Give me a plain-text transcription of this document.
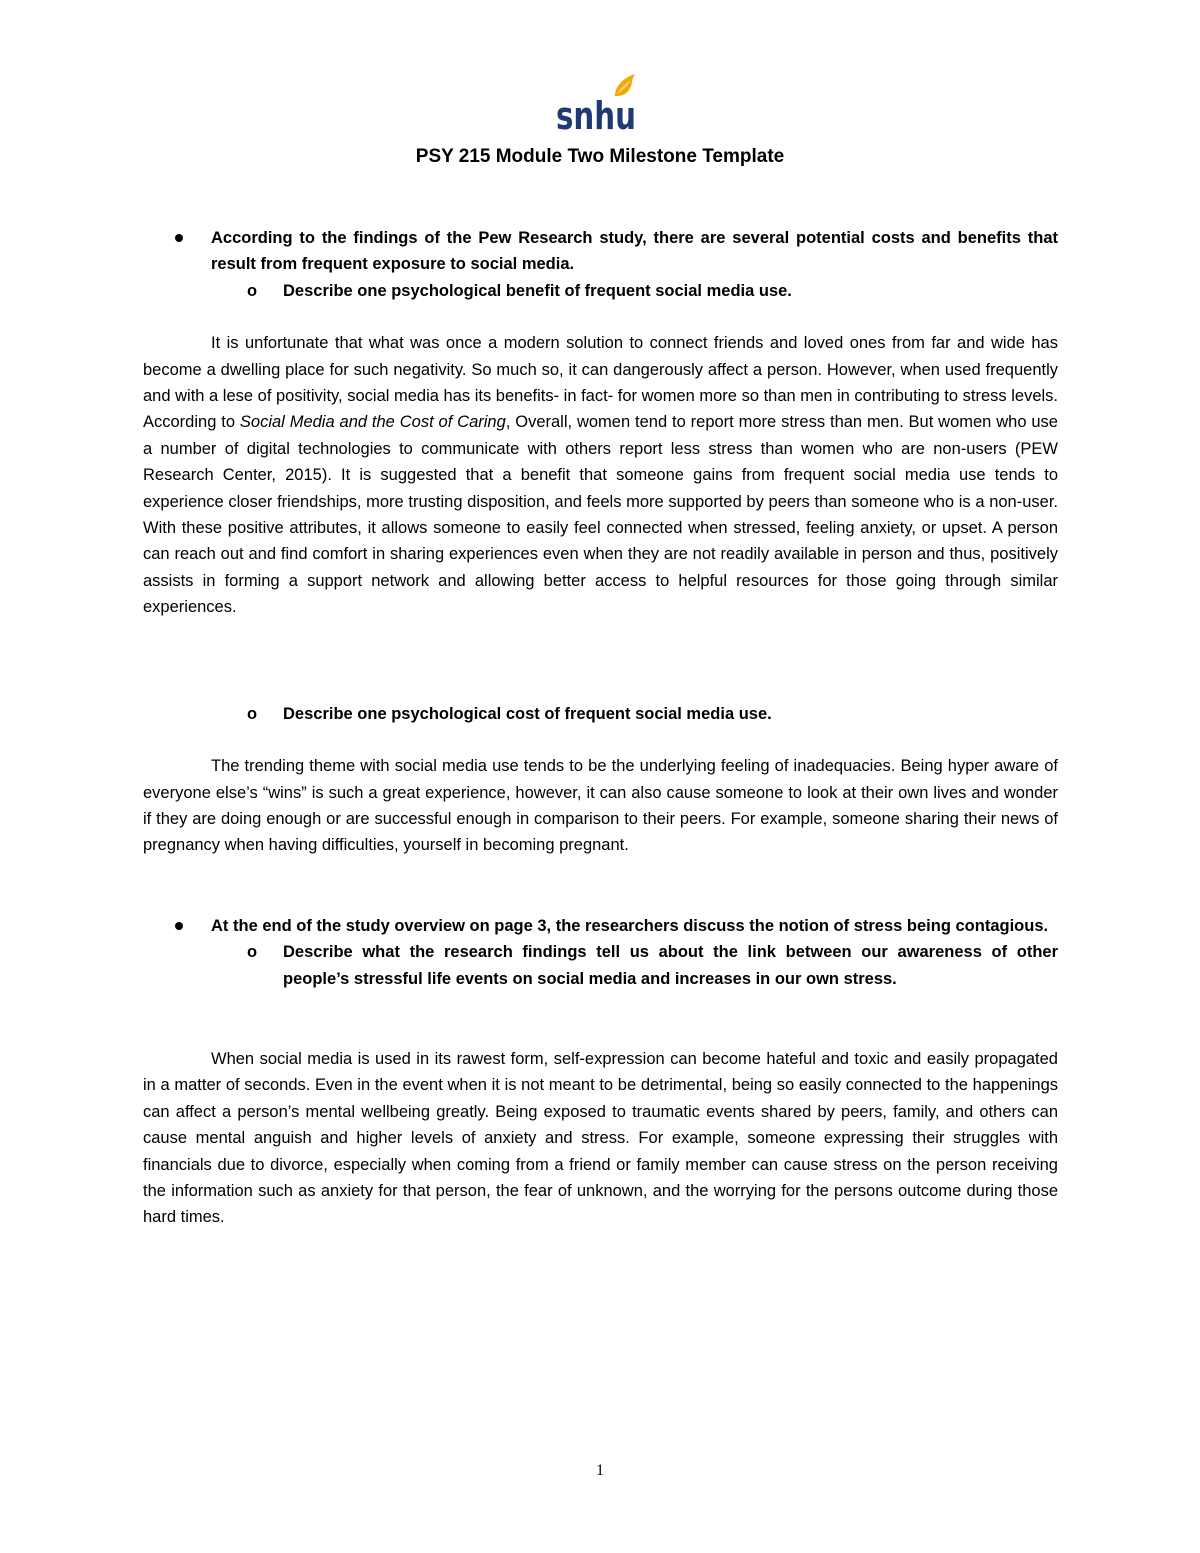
snhu
PSY 215 Module Two Milestone Template
According to the findings of the Pew Research study, there are several potential costs and benefits that result from frequent exposure to social media.
o Describe one psychological benefit of frequent social media use.

It is unfortunate that what was once a modern solution to connect friends and loved ones from far and wide has become a dwelling place for such negativity. So much so, it can dangerously affect a person. However, when used frequently and with a lese of positivity, social media has its benefits- in fact- for women more so than men in contributing to stress levels. According to Social Media and the Cost of Caring, Overall, women tend to report more stress than men. But women who use a number of digital technologies to communicate with others report less stress than women who are non-users (PEW Research Center, 2015). It is suggested that a benefit that someone gains from frequent social media use tends to experience closer friendships, more trusting disposition, and feels more supported by peers than someone who is a non-user. With these positive attributes, it allows someone to easily feel connected when stressed, feeling anxiety, or upset. A person can reach out and find comfort in sharing experiences even when they are not readily available in person and thus, positively assists in forming a support network and allowing better access to helpful resources for those going through similar experiences.

o Describe one psychological cost of frequent social media use.

The trending theme with social media use tends to be the underlying feeling of inadequacies. Being hyper aware of everyone else’s “wins” is such a great experience, however, it can also cause someone to look at their own lives and wonder if they are doing enough or are successful enough in comparison to their peers. For example, someone sharing their news of pregnancy when having difficulties, yourself in becoming pregnant.

At the end of the study overview on page 3, the researchers discuss the notion of stress being contagious.
o Describe what the research findings tell us about the link between our awareness of other people’s stressful life events on social media and increases in our own stress.

When social media is used in its rawest form, self-expression can become hateful and toxic and easily propagated in a matter of seconds. Even in the event when it is not meant to be detrimental, being so easily connected to the happenings can affect a person’s mental wellbeing greatly. Being exposed to traumatic events shared by peers, family, and others can cause mental anguish and higher levels of anxiety and stress. For example, someone expressing their struggles with financials due to divorce, especially when coming from a friend or family member can cause stress on the person receiving the information such as anxiety for that person, the fear of unknown, and the worrying for the persons outcome during those hard times.

1
